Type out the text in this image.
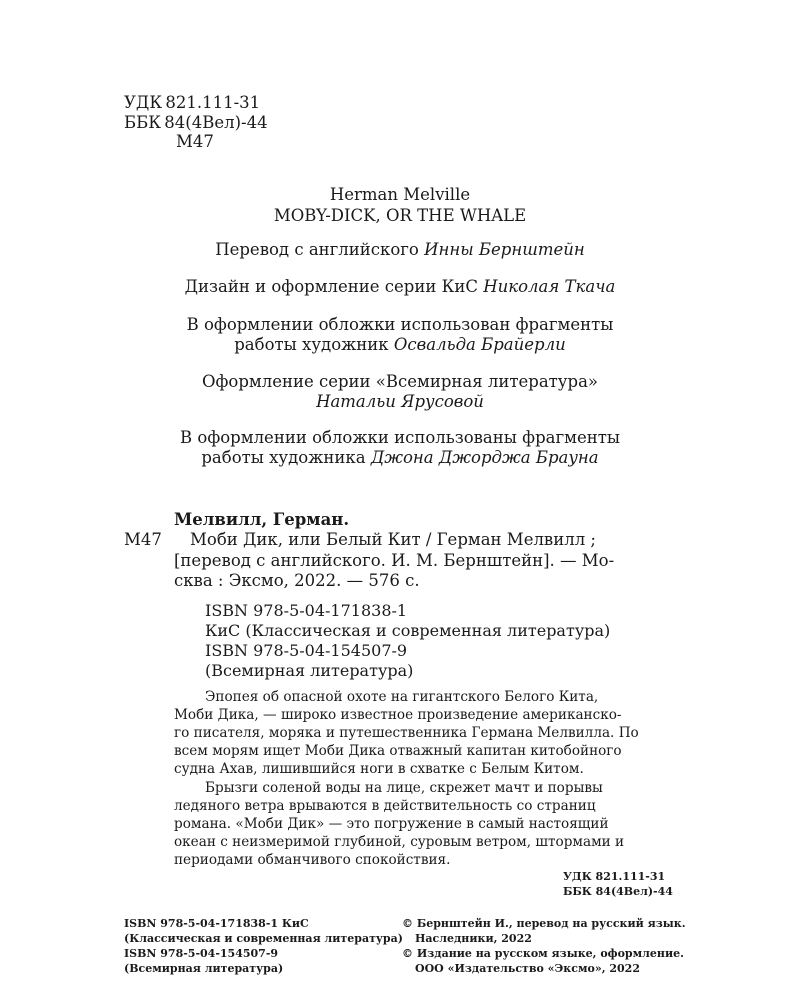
УДК 821.111-31
ББК 84(4Вел)-44
М47
Herman Melville
MOBY-DICK, OR THE WHALE
Перевод с английского Инны Бернштейн
Дизайн и оформление серии КиС Николая Ткача
В оформлении обложки использован фрагменты
работы художник Освальда Брайерли
Оформление серии «Всемирная литература»
Натальи Ярусовой
В оформлении обложки использованы фрагменты
работы художника Джона Джорджа Брауна
Мелвилл, Герман.
М47 Моби Дик, или Белый Кит / Герман Мелвилл ;
[перевод с английского. И. М. Бернштейн]. — Мо-
сква : Эксмо, 2022. — 576 с.
ISBN 978-5-04-171838-1
КиС (Классическая и современная литература)
ISBN 978-5-04-154507-9
(Всемирная литература)
Эпопея об опасной охоте на гигантского Белого Кита,
Моби Дика, — широко известное произведение американско-
го писателя, моряка и путешественника Германа Мелвилла. По
всем морям ищет Моби Дика отважный капитан китобойного
судна Ахав, лишившийся ноги в схватке с Белым Китом.
Брызги соленой воды на лице, скрежет мачт и порывы
ледяного ветра врываются в действительность со страниц
романа. «Моби Дик» — это погружение в самый настоящий
океан с неизмеримой глубиной, суровым ветром, штормами и
периодами обманчивого спокойствия.
УДК 821.111-31
ББК 84(4Вел)-44
ISBN 978-5-04-171838-1 КиС
(Классическая и современная литература)
ISBN 978-5-04-154507-9
(Всемирная литература)
© Бернштейн И., перевод на русский язык.
Наследники, 2022
© Издание на русском языке, оформление.
ООО «Издательство «Эксмо», 2022
